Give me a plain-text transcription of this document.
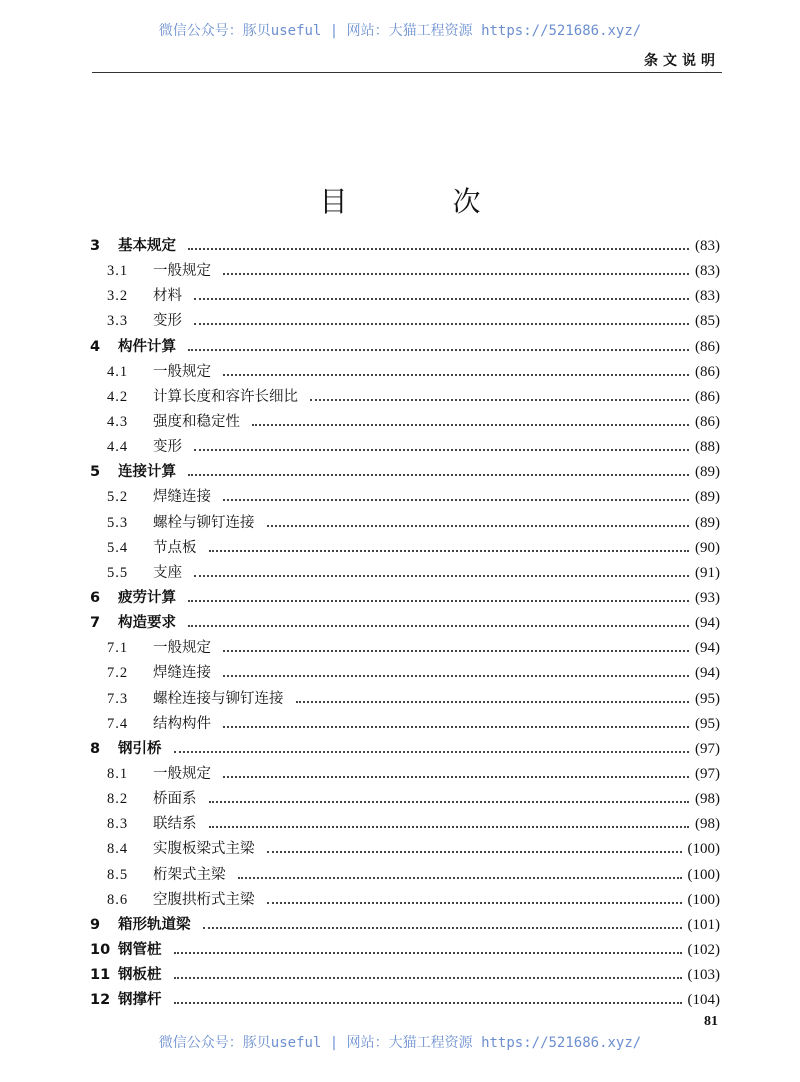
微信公众号：豚贝useful | 网站：大猫工程资源 https://521686.xyz/
条文说明
目 次
3	基本规定	(83)
3.1	一般规定	(83)
3.2	材料	(83)
3.3	变形	(85)
4	构件计算	(86)
4.1	一般规定	(86)
4.2	计算长度和容许长细比	(86)
4.3	强度和稳定性	(86)
4.4	变形	(88)
5	连接计算	(89)
5.2	焊缝连接	(89)
5.3	螺栓与铆钉连接	(89)
5.4	节点板	(90)
5.5	支座	(91)
6	疲劳计算	(93)
7	构造要求	(94)
7.1	一般规定	(94)
7.2	焊缝连接	(94)
7.3	螺栓连接与铆钉连接	(95)
7.4	结构构件	(95)
8	钢引桥	(97)
8.1	一般规定	(97)
8.2	桥面系	(98)
8.3	联结系	(98)
8.4	实腹板梁式主梁	(100)
8.5	桁架式主梁	(100)
8.6	空腹拱桁式主梁	(100)
9	箱形轨道梁	(101)
10 钢管桩	(102)
11 钢板桩	(103)
12 钢撑杆	(104)
81
微信公众号：豚贝useful | 网站：大猫工程资源 https://521686.xyz/
